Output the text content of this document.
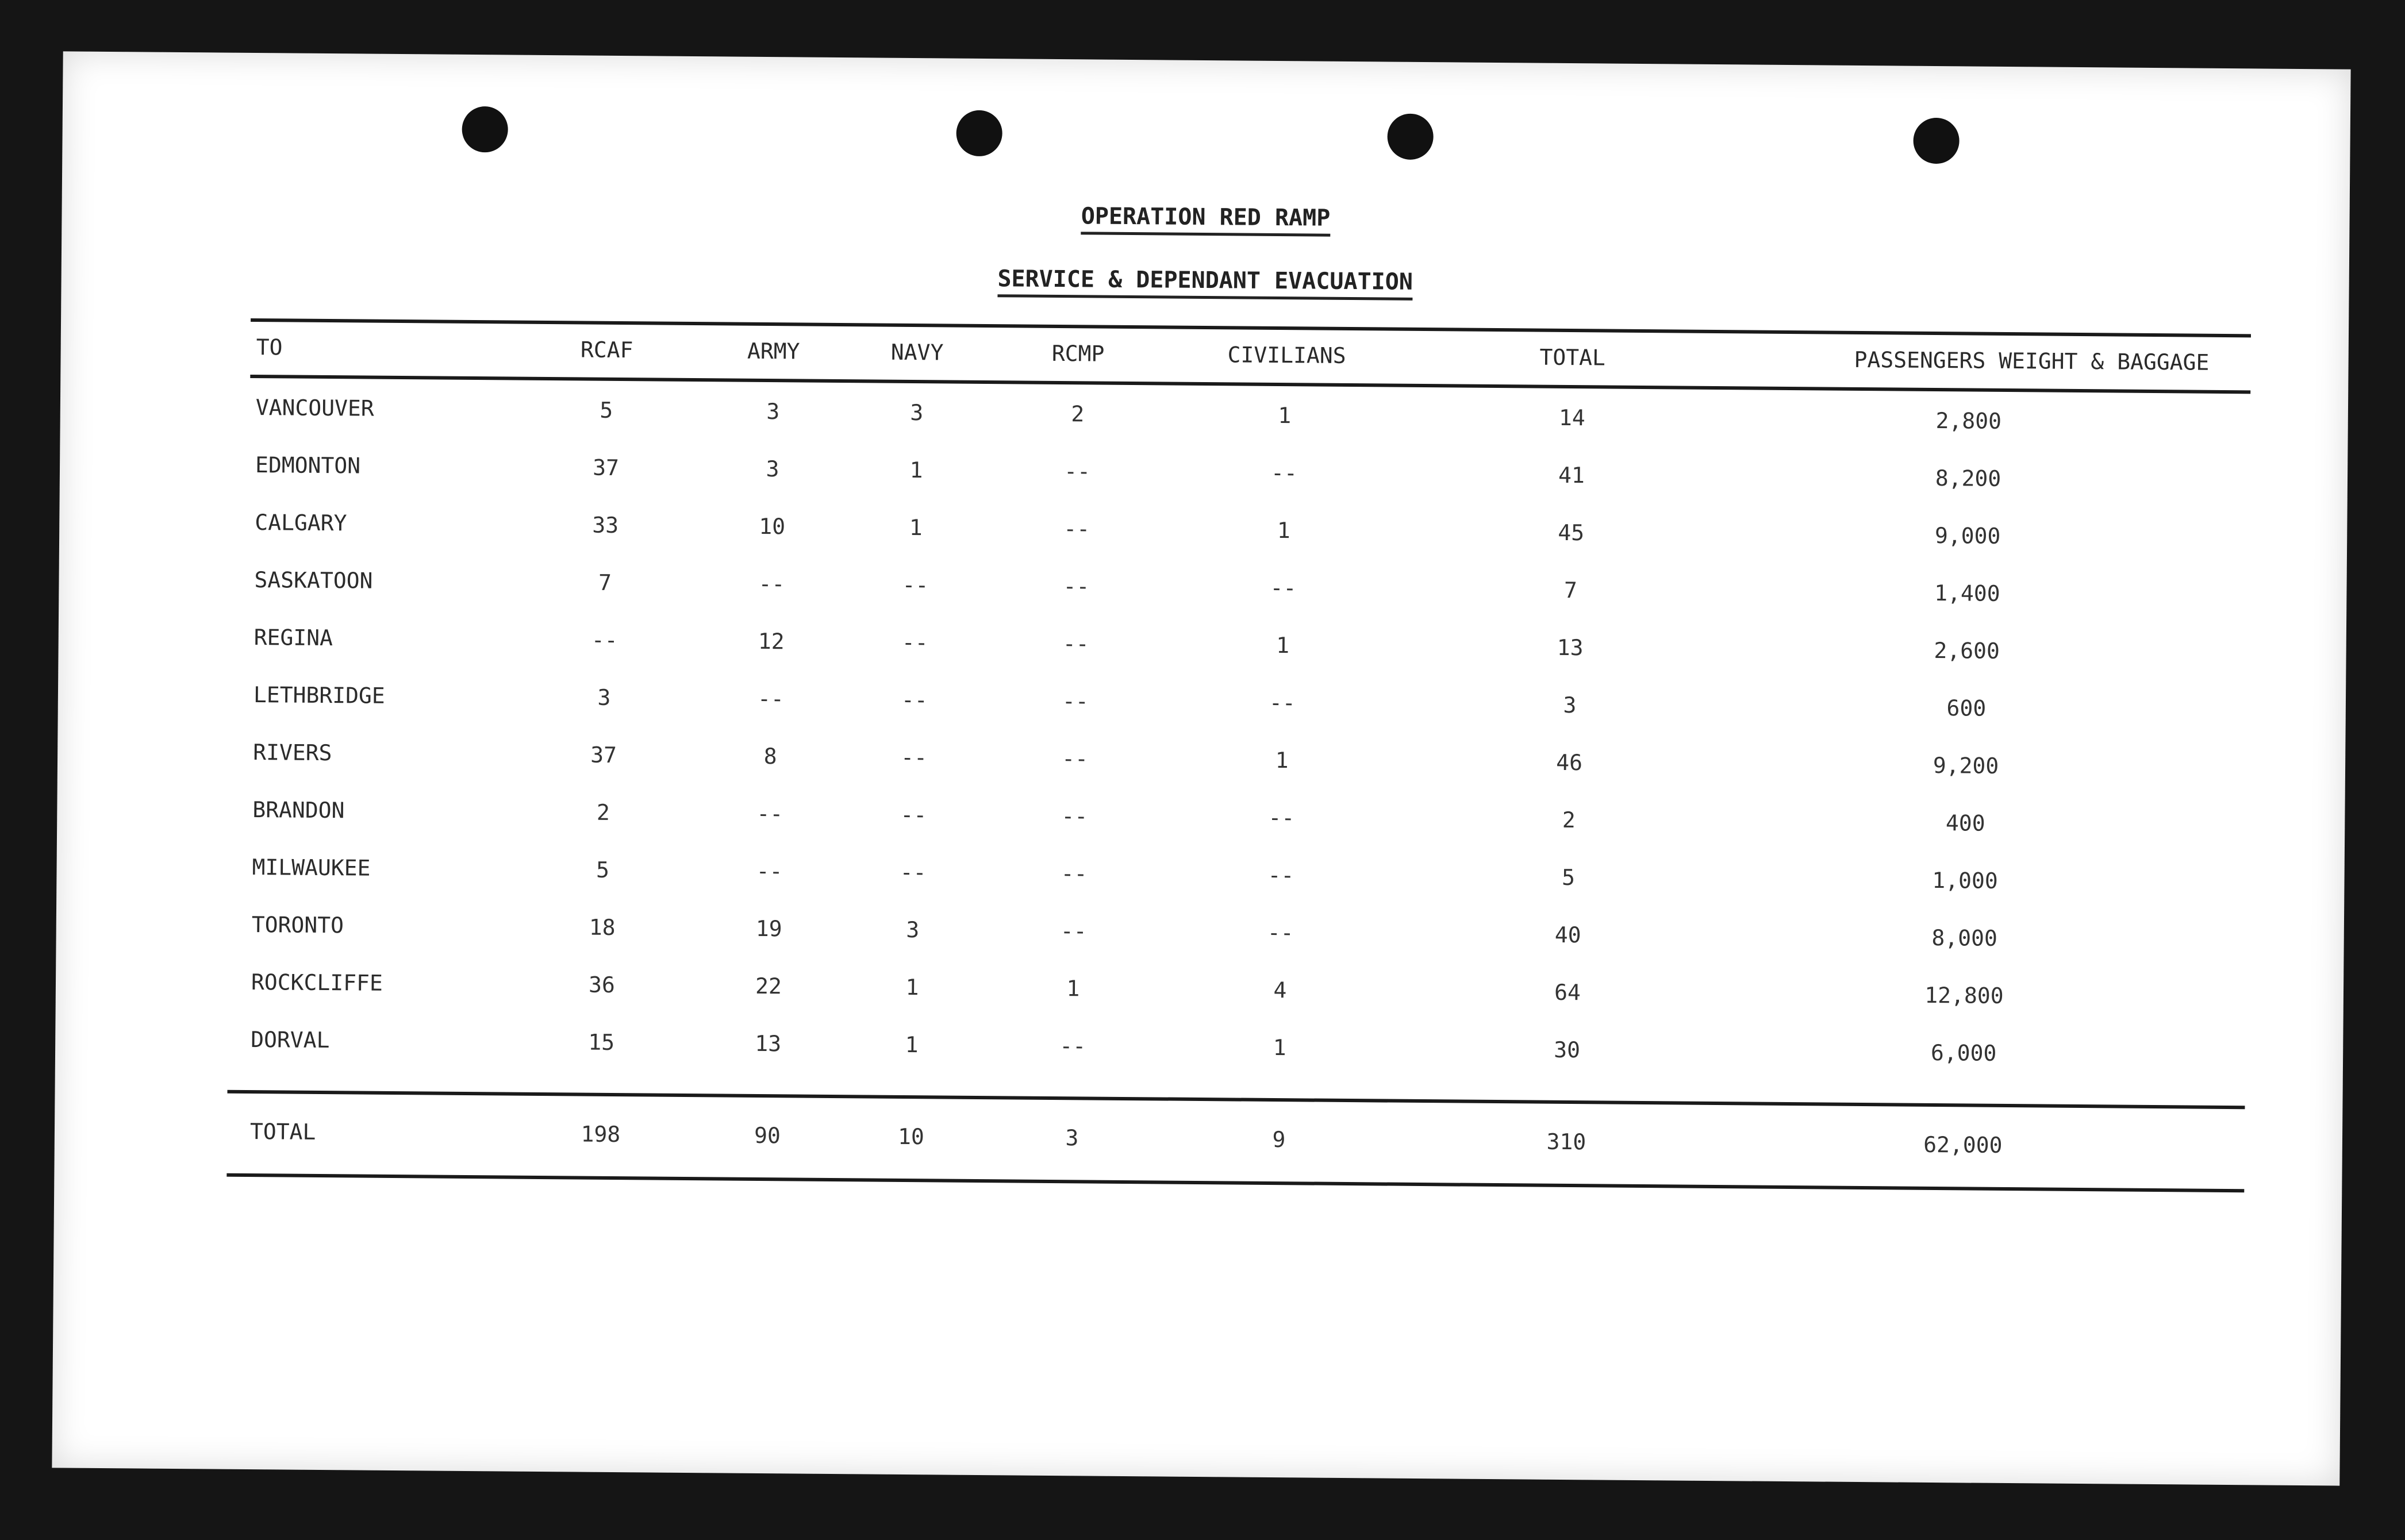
OPERATION RED RAMP
SERVICE & DEPENDANT EVACUATION
TO	RCAF	ARMY	NAVY	RCMP	CIVILIANS	TOTAL	PASSENGERS WEIGHT & BAGGAGE
VANCOUVER	5	3	3	2	1	14	2,800
EDMONTON	37	3	1	--	--	41	8,200
CALGARY	33	10	1	--	1	45	9,000
SASKATOON	7	--	--	--	--	7	1,400
REGINA	--	12	--	--	1	13	2,600
LETHBRIDGE	3	--	--	--	--	3	600
RIVERS	37	8	--	--	1	46	9,200
BRANDON	2	--	--	--	--	2	400
MILWAUKEE	5	--	--	--	--	5	1,000
TORONTO	18	19	3	--	--	40	8,000
ROCKCLIFFE	36	22	1	1	4	64	12,800
DORVAL	15	13	1	--	1	30	6,000
TOTAL	198	90	10	3	9	310	62,000
